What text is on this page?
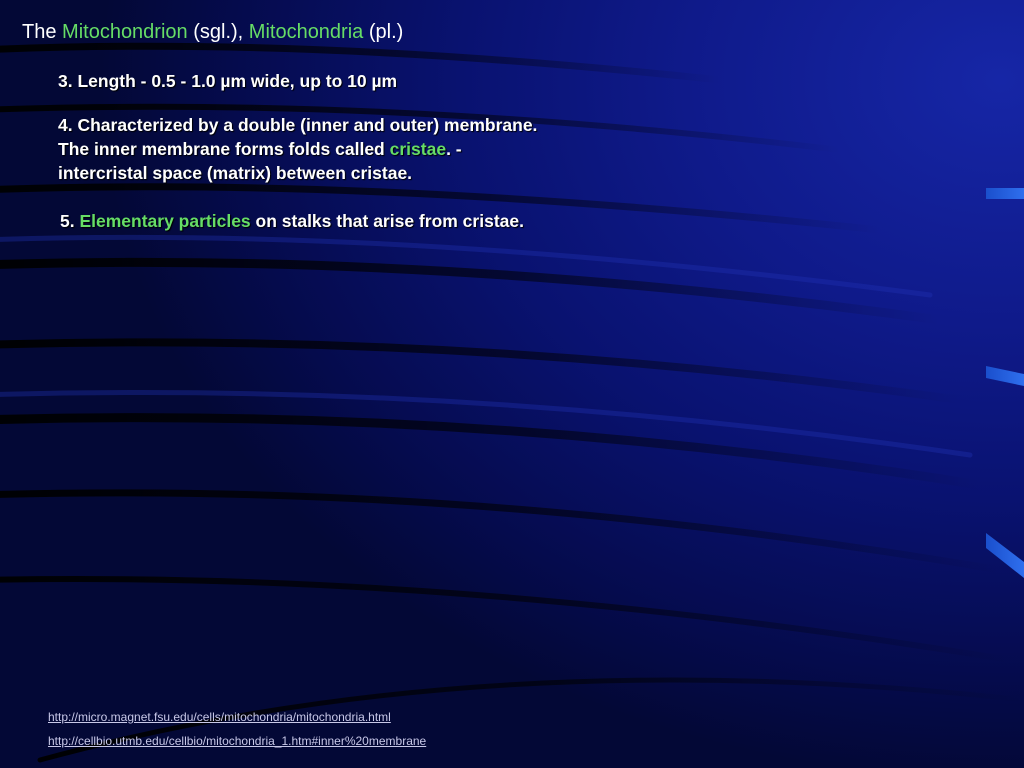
The Mitochondrion (sgl.), Mitochondria (pl.)
3. Length - 0.5 - 1.0 µm wide, up to 10 µm
4. Characterized by a double (inner and outer) membrane.
The inner membrane forms folds called cristae. -
intercristal space (matrix) between cristae.
5. Elementary particles on stalks that arise from cristae.
http://micro.magnet.fsu.edu/cells/mitochondria/mitochondria.html
http://cellbio.utmb.edu/cellbio/mitochondria_1.htm#inner%20membrane
